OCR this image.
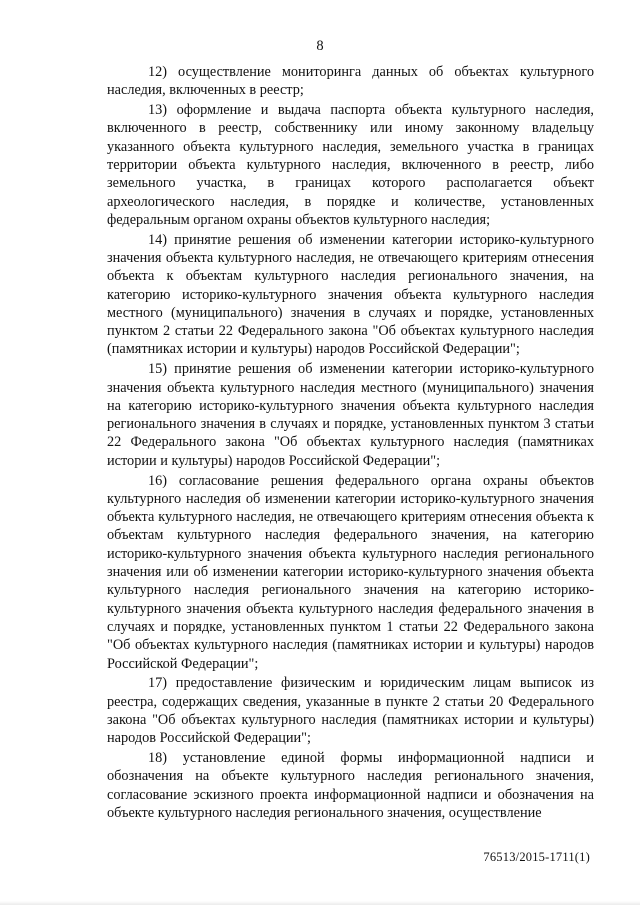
8

12) осуществление мониторинга данных об объектах культурного наследия, включенных в реестр;

13) оформление и выдача паспорта объекта культурного наследия, включенного в реестр, собственнику или иному законному владельцу указанного объекта культурного наследия, земельного участка в границах территории объекта культурного наследия, включенного в реестр, либо земельного участка, в границах которого располагается объект археологического наследия, в порядке и количестве, установленных федеральным органом охраны объектов культурного наследия;

14) принятие решения об изменении категории историко-культурного значения объекта культурного наследия, не отвечающего критериям отнесения объекта к объектам культурного наследия регионального значения, на категорию историко-культурного значения объекта культурного наследия местного (муниципального) значения в случаях и порядке, установленных пунктом 2 статьи 22 Федерального закона "Об объектах культурного наследия (памятниках истории и культуры) народов Российской Федерации";

15) принятие решения об изменении категории историко-культурного значения объекта культурного наследия местного (муниципального) значения на категорию историко-культурного значения объекта культурного наследия регионального значения в случаях и порядке, установленных пунктом 3 статьи 22 Федерального закона "Об объектах культурного наследия (памятниках истории и культуры) народов Российской Федерации";

16) согласование решения федерального органа охраны объектов культурного наследия об изменении категории историко-культурного значения объекта культурного наследия, не отвечающего критериям отнесения объекта к объектам культурного наследия федерального значения, на категорию историко-культурного значения объекта культурного наследия регионального значения или об изменении категории историко-культурного значения объекта культурного наследия регионального значения на категорию историко-культурного значения объекта культурного наследия федерального значения в случаях и порядке, установленных пунктом 1 статьи 22 Федерального закона "Об объектах культурного наследия (памятниках истории и культуры) народов Российской Федерации";

17) предоставление физическим и юридическим лицам выписок из реестра, содержащих сведения, указанные в пункте 2 статьи 20 Федерального закона "Об объектах культурного наследия (памятниках истории и культуры) народов Российской Федерации";

18) установление единой формы информационной надписи и обозначения на объекте культурного наследия регионального значения, согласование эскизного проекта информационной надписи и обозначения на объекте культурного наследия регионального значения, осуществление

76513/2015-1711(1)
